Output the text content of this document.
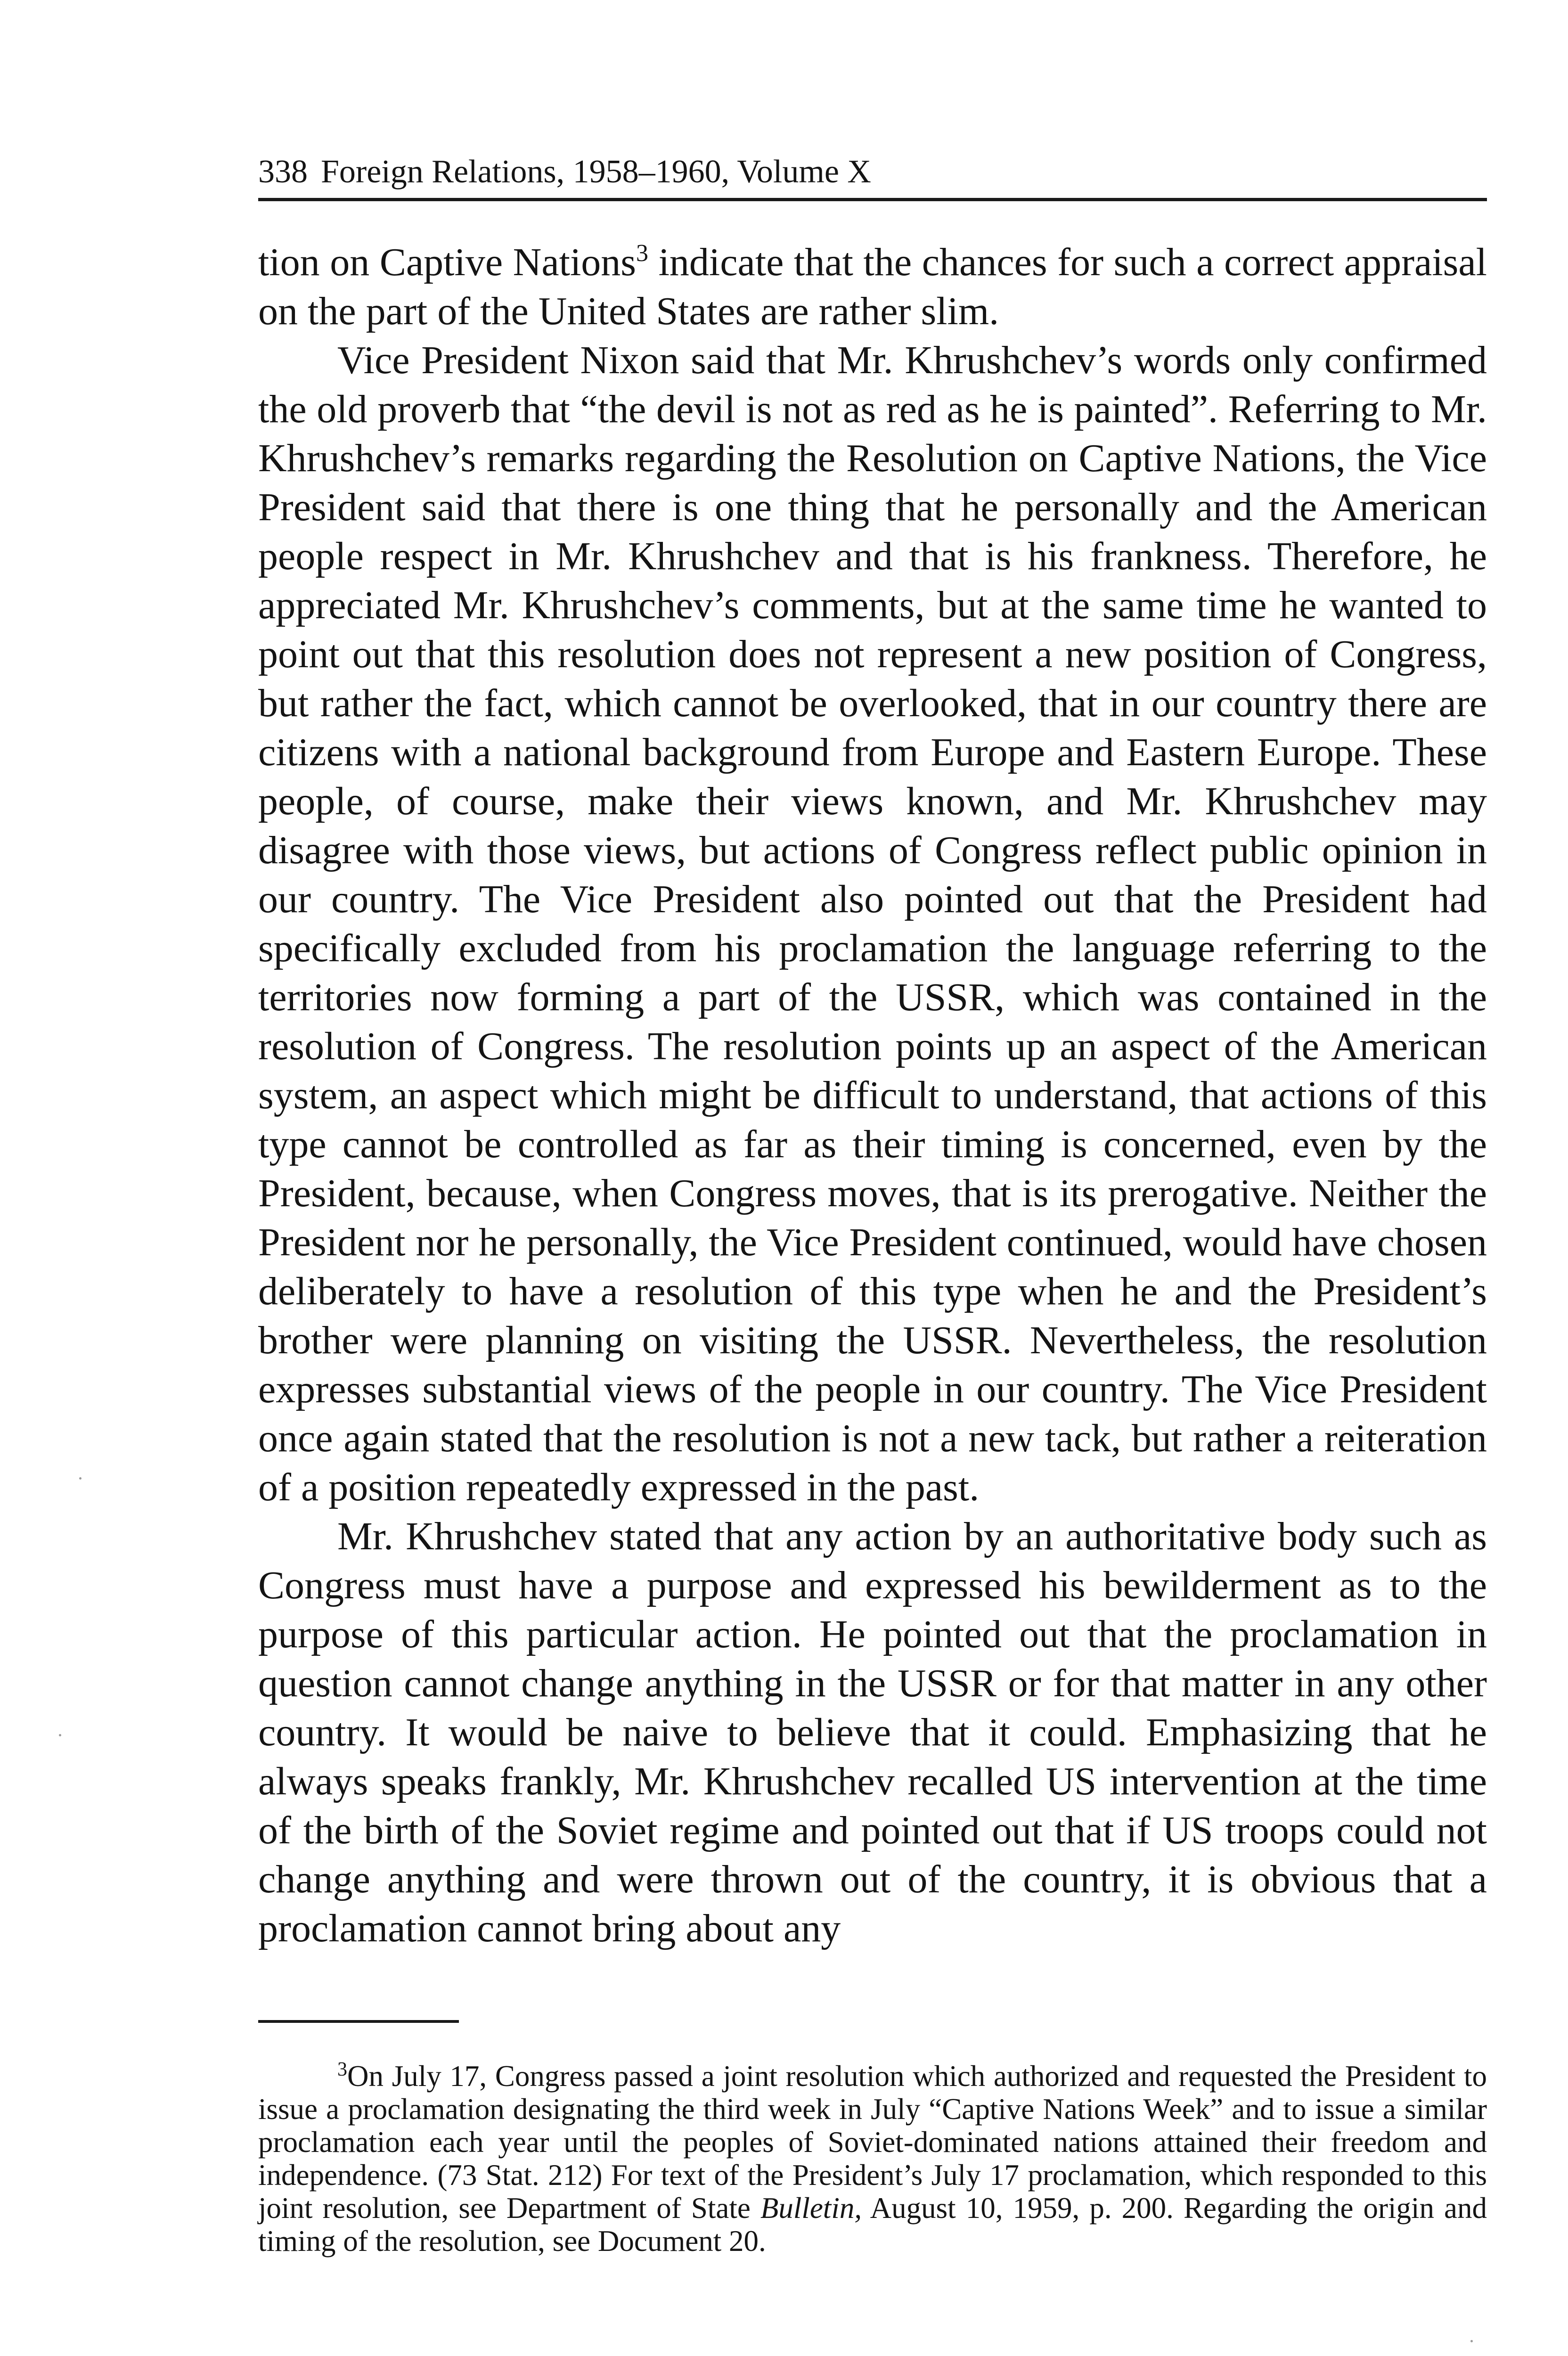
338 Foreign Relations, 1958–1960, Volume X

tion on Captive Nations$^3$ indicate that the chances for such a correct appraisal on the part of the United States are rather slim.

Vice President Nixon said that Mr. Khrushchev’s words only confirmed the old proverb that “the devil is not as red as he is painted”. Referring to Mr. Khrushchev’s remarks regarding the Resolution on Captive Nations, the Vice President said that there is one thing that he personally and the American people respect in Mr. Khrushchev and that is his frankness. Therefore, he appreciated Mr. Khrushchev’s comments, but at the same time he wanted to point out that this resolution does not represent a new position of Congress, but rather the fact, which cannot be overlooked, that in our country there are citizens with a national background from Europe and Eastern Europe. These people, of course, make their views known, and Mr. Khrushchev may disagree with those views, but actions of Congress reflect public opinion in our country. The Vice President also pointed out that the President had specifically excluded from his proclamation the language referring to the territories now forming a part of the USSR, which was contained in the resolution of Congress. The resolution points up an aspect of the American system, an aspect which might be difficult to understand, that actions of this type cannot be controlled as far as their timing is concerned, even by the President, because, when Congress moves, that is its prerogative. Neither the President nor he personally, the Vice President continued, would have chosen deliberately to have a resolution of this type when he and the President’s brother were planning on visiting the USSR. Nevertheless, the resolution expresses substantial views of the people in our country. The Vice President once again stated that the resolution is not a new tack, but rather a reiteration of a position repeatedly expressed in the past.

Mr. Khrushchev stated that any action by an authoritative body such as Congress must have a purpose and expressed his bewilderment as to the purpose of this particular action. He pointed out that the proclamation in question cannot change anything in the USSR or for that matter in any other country. It would be naive to believe that it could. Emphasizing that he always speaks frankly, Mr. Khrushchev recalled US intervention at the time of the birth of the Soviet regime and pointed out that if US troops could not change anything and were thrown out of the country, it is obvious that a proclamation cannot bring about any

$^3$On July 17, Congress passed a joint resolution which authorized and requested the President to issue a proclamation designating the third week in July “Captive Nations Week” and to issue a similar proclamation each year until the peoples of Soviet-dominated nations attained their freedom and independence. (73 Stat. 212) For text of the President’s July 17 proclamation, which responded to this joint resolution, see Department of State Bulletin, August 10, 1959, p. 200. Regarding the origin and timing of the resolution, see Document 20.
